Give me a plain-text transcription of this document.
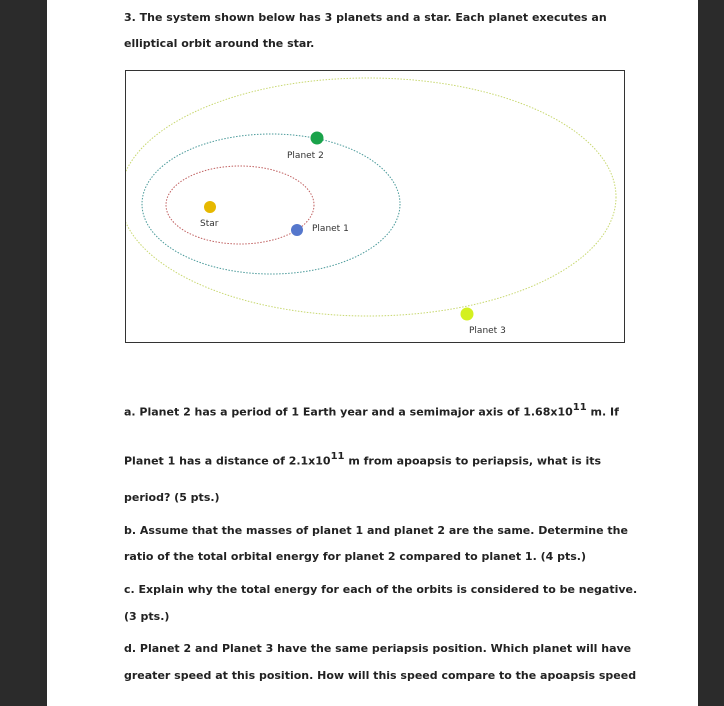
3. The system shown below has 3 planets and a star. Each planet executes an

elliptical orbit around the star.

Star	Planet 1
Planet 2
Planet 3

a. Planet 2 has a period of 1 Earth year and a semimajor axis of $1.68x10^{11}$ m. If

Planet 1 has a distance of $2.1x10^{11}$ m from apoapsis to periapsis, what is its

period? (5 pts.)

b. Assume that the masses of planet 1 and planet 2 are the same. Determine the

ratio of the total orbital energy for planet 2 compared to planet 1. (4 pts.)

c. Explain why the total energy for each of the orbits is considered to be negative.

(3 pts.)

d. Planet 2 and Planet 3 have the same periapsis position. Which planet will have

greater speed at this position. How will this speed compare to the apoapsis speed
